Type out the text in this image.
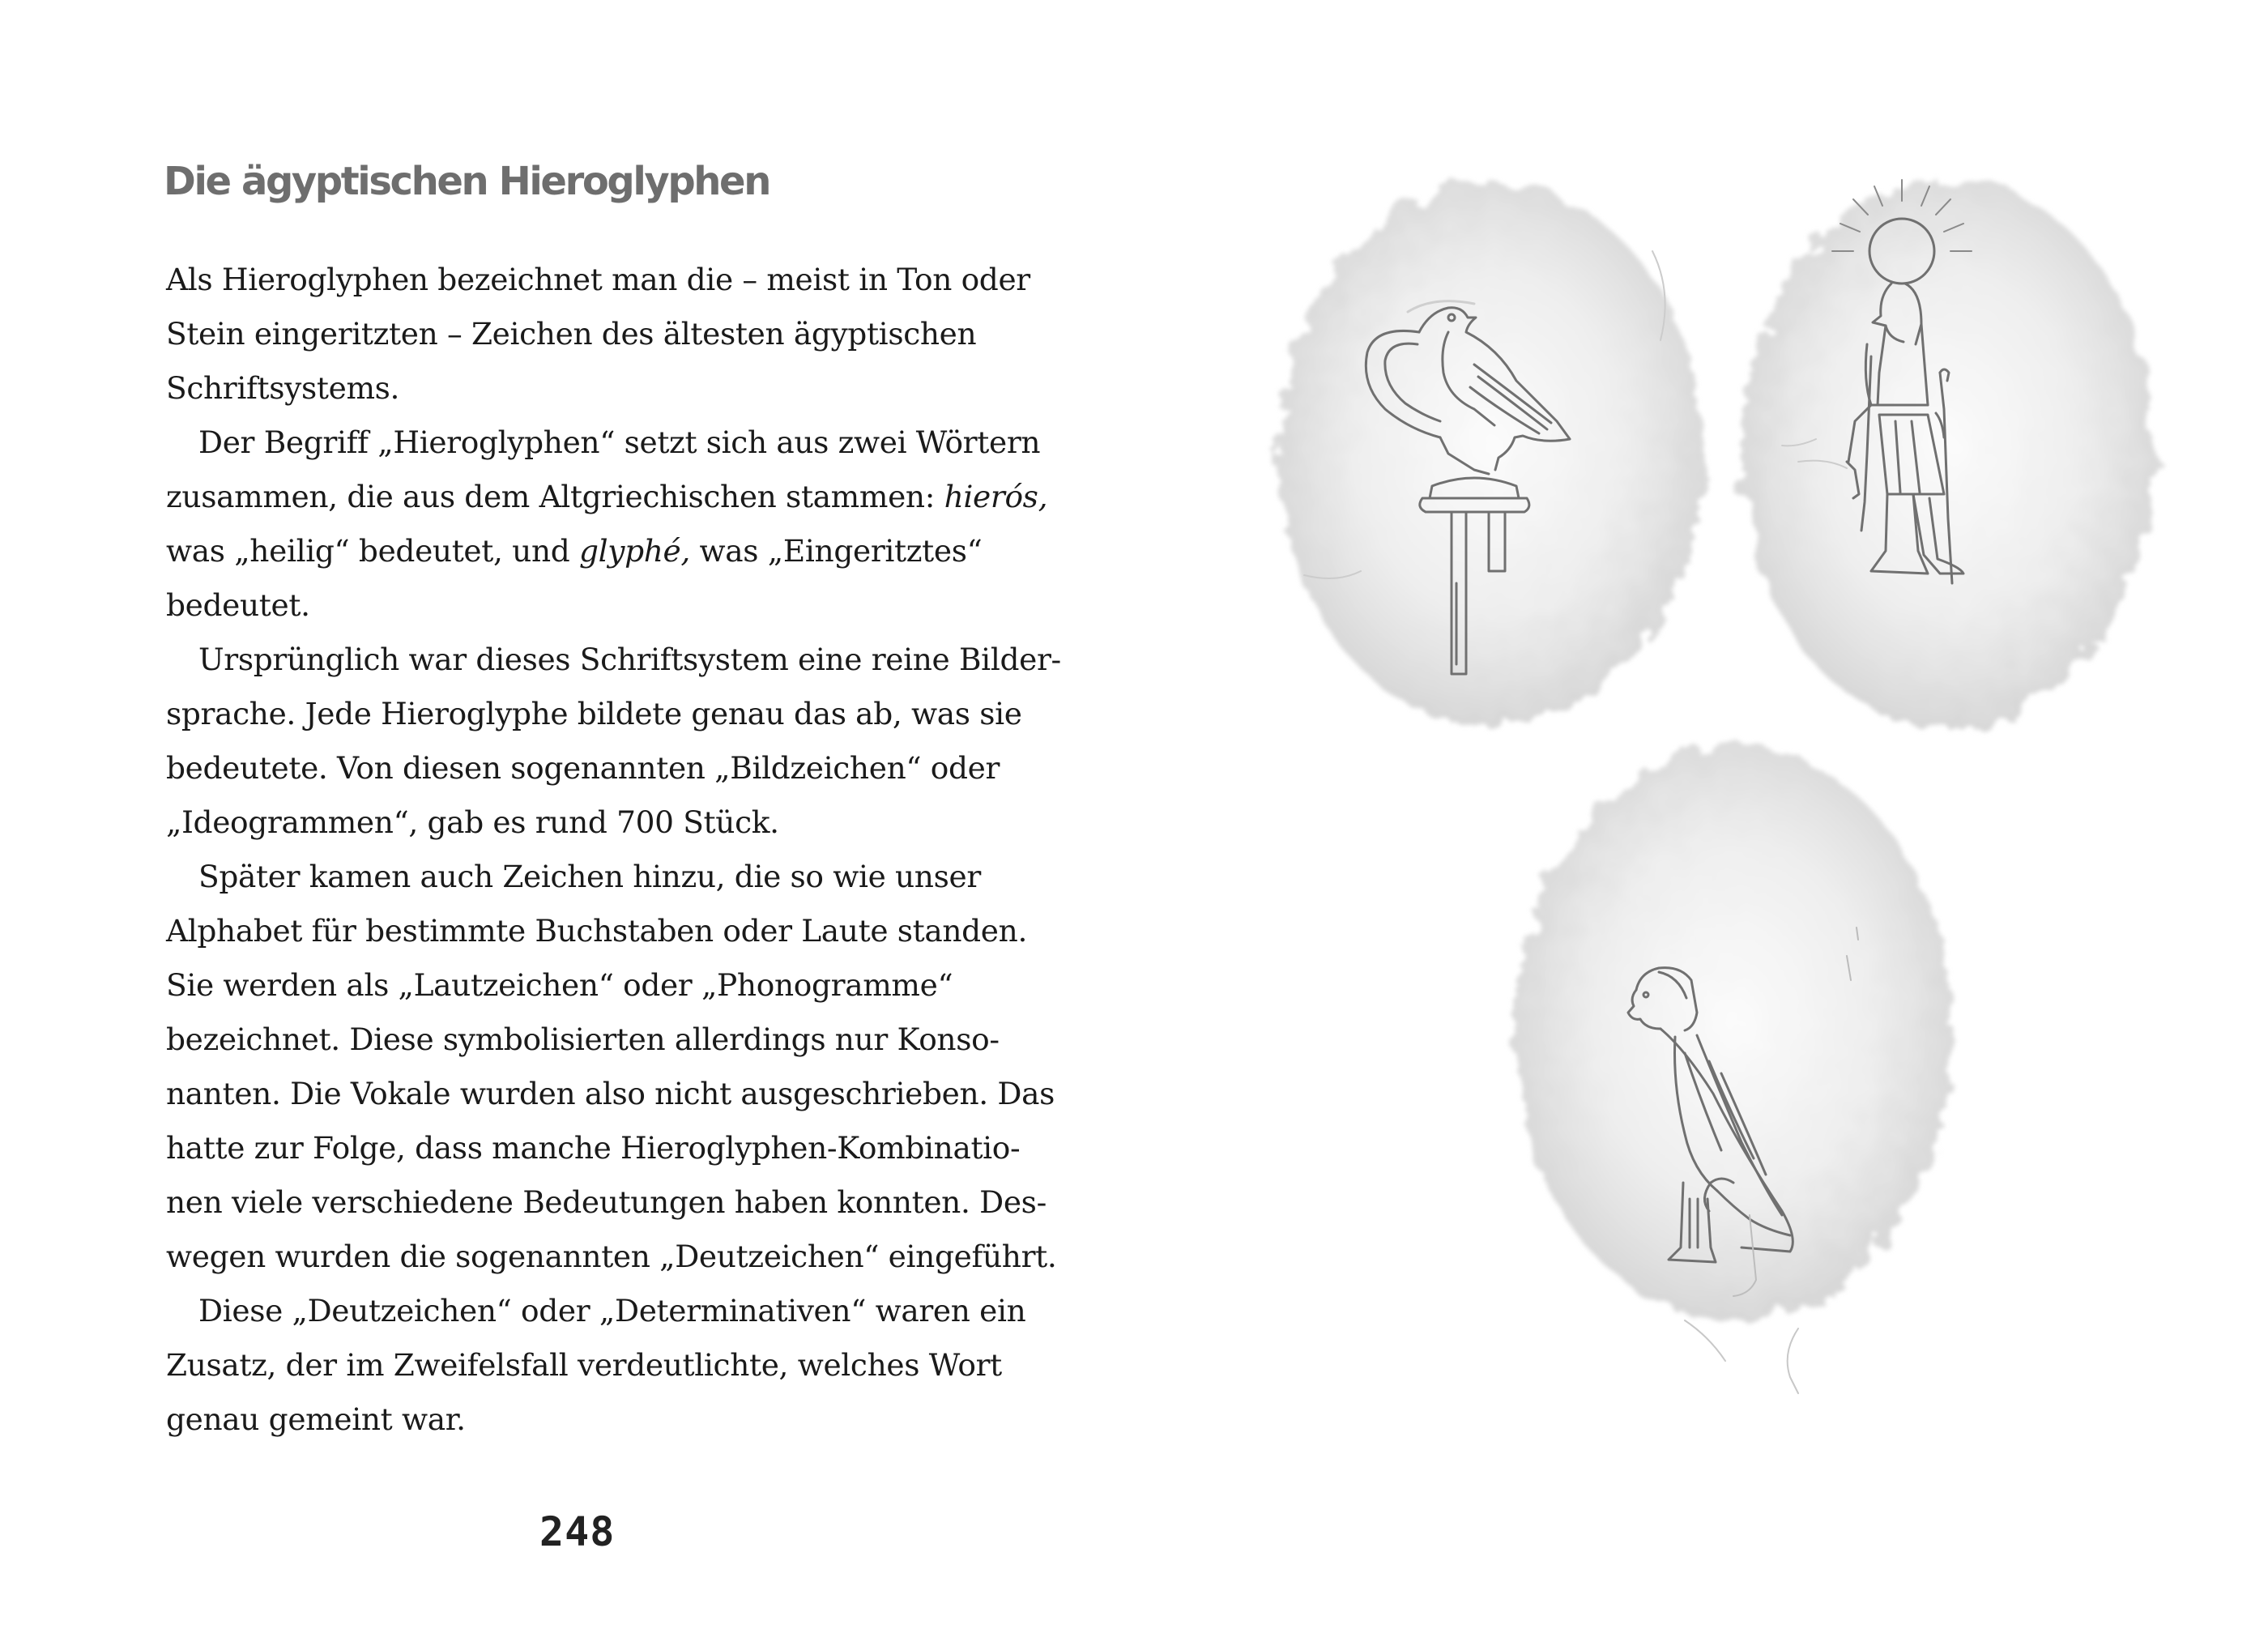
Die ägyptischen Hieroglyphen
Als Hieroglyphen bezeichnet man die – meist in Ton oder
Stein eingeritzten – Zeichen des ältesten ägyptischen
Schriftsystems.
Der Begriff „Hieroglyphen“ setzt sich aus zwei Wörtern
zusammen, die aus dem Altgriechischen stammen: hierós,
was „heilig“ bedeutet, und glyphé, was „Eingeritztes“
bedeutet.
Ursprünglich war dieses Schriftsystem eine reine Bilder-
sprache. Jede Hieroglyphe bildete genau das ab, was sie
bedeutete. Von diesen sogenannten „Bildzeichen“ oder
„Ideogrammen“, gab es rund 700 Stück.
Später kamen auch Zeichen hinzu, die so wie unser
Alphabet für bestimmte Buchstaben oder Laute standen.
Sie werden als „Lautzeichen“ oder „Phonogramme“
bezeichnet. Diese symbolisierten allerdings nur Konso-
nanten. Die Vokale wurden also nicht ausgeschrieben. Das
hatte zur Folge, dass manche Hieroglyphen-Kombinatio-
nen viele verschiedene Bedeutungen haben konnten. Des-
wegen wurden die sogenannten „Deutzeichen“ eingeführt.
Diese „Deutzeichen“ oder „Determinativen“ waren ein
Zusatz, der im Zweifelsfall verdeutlichte, welches Wort
genau gemeint war.
248
